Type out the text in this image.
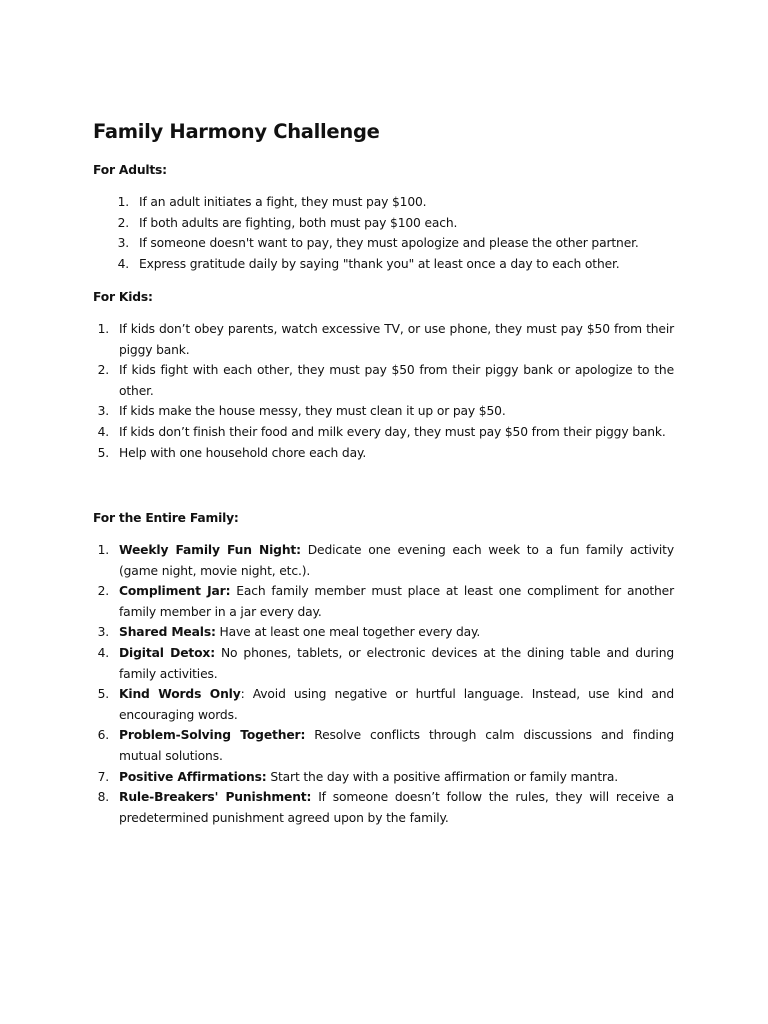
Family Harmony Challenge
For Adults:
1. If an adult initiates a fight, they must pay $100.
2. If both adults are fighting, both must pay $100 each.
3. If someone doesn't want to pay, they must apologize and please the other partner.
4. Express gratitude daily by saying "thank you" at least once a day to each other.
For Kids:
1. If kids don’t obey parents, watch excessive TV, or use phone, they must pay $50 from their piggy bank.
2. If kids fight with each other, they must pay $50 from their piggy bank or apologize to the other.
3. If kids make the house messy, they must clean it up or pay $50.
4. If kids don’t finish their food and milk every day, they must pay $50 from their piggy bank.
5. Help with one household chore each day.
For the Entire Family:
1. Weekly Family Fun Night: Dedicate one evening each week to a fun family activity (game night, movie night, etc.).
2. Compliment Jar: Each family member must place at least one compliment for another family member in a jar every day.
3. Shared Meals: Have at least one meal together every day.
4. Digital Detox: No phones, tablets, or electronic devices at the dining table and during family activities.
5. Kind Words Only: Avoid using negative or hurtful language. Instead, use kind and encouraging words.
6. Problem-Solving Together: Resolve conflicts through calm discussions and finding mutual solutions.
7. Positive Affirmations: Start the day with a positive affirmation or family mantra.
8. Rule-Breakers' Punishment: If someone doesn’t follow the rules, they will receive a predetermined punishment agreed upon by the family.
